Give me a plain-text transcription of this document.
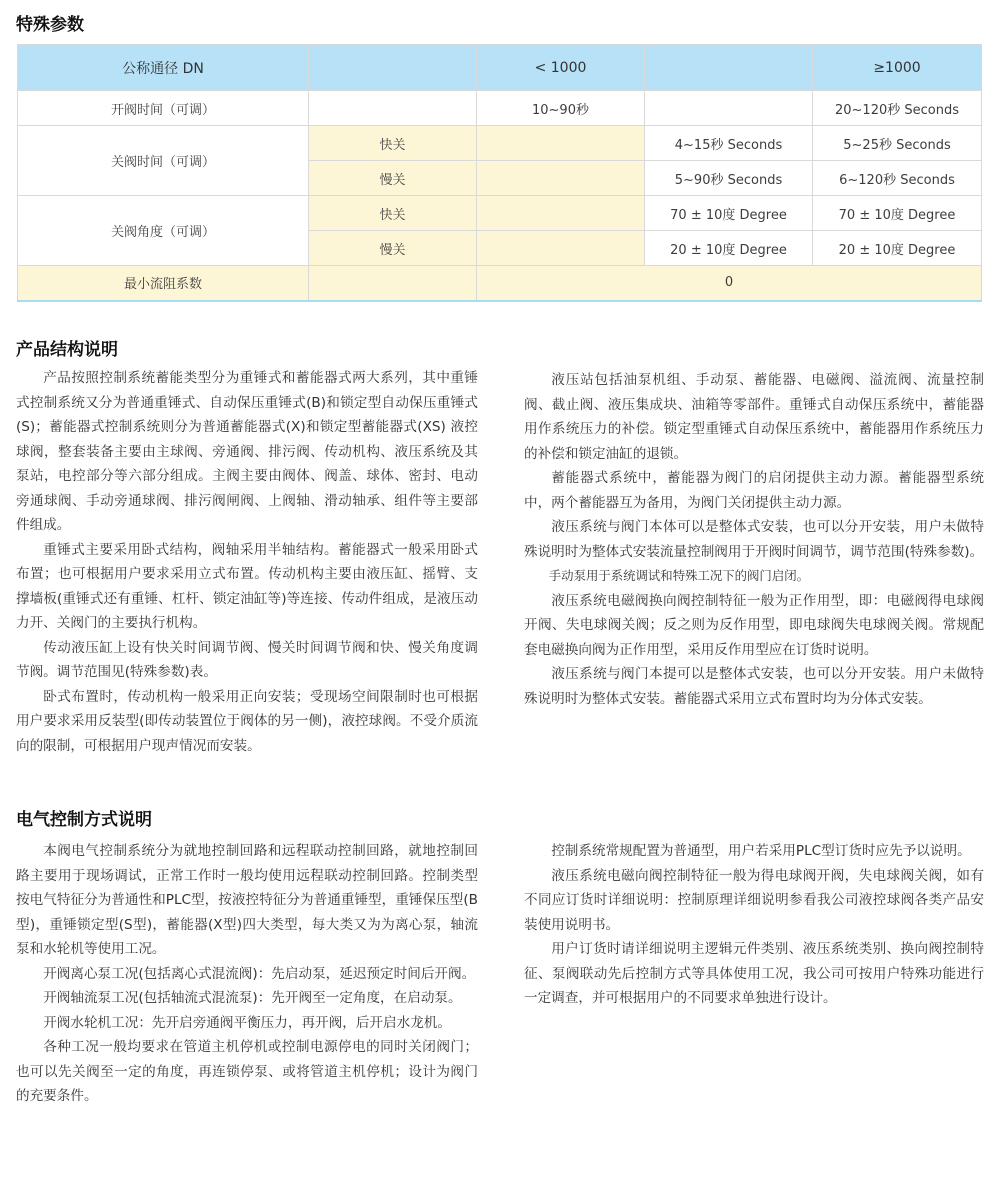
特殊参数
公称通径 DN		< 1000		≥1000
开阀时间（可调）		10~90秒		20~120秒 Seconds
关阀时间（可调）	快关		4~15秒 Seconds	5~25秒 Seconds
	慢关		5~90秒 Seconds	6~120秒 Seconds
关阀角度（可调）	快关		70 ± 10度 Degree	70 ± 10度 Degree
	慢关		20 ± 10度 Degree	20 ± 10度 Degree
最小流阻系数		0		
产品结构说明

产品按照控制系统蓄能类型分为重锤式和蓄能器式两大系列，其中重锤式控制系统又分为普通重锤式、自动保压重锤式(B)和锁定型自动保压重锤式(S)；蓄能器式控制系统则分为普通蓄能器式(X)和锁定型蓄能器式(XS) 液控球阀，整套装备主要由主球阀、旁通阀、排污阀、传动机构、液压系统及其泵站，电控部分等六部分组成。主阀主要由阀体、阀盖、球体、密封、电动旁通球阀、手动旁通球阀、排污阀闸阀、上阀轴、滑动轴承、组件等主要部件组成。

重锤式主要采用卧式结构，阀轴采用半轴结构。蓄能器式一般采用卧式布置；也可根据用户要求采用立式布置。传动机构主要由液压缸、摇臂、支撑墙板(重锤式还有重锤、杠杆、锁定油缸等)等连接、传动件组成，是液压动力开、关阀门的主要执行机构。

传动液压缸上设有快关时间调节阀、慢关时间调节阀和快、慢关角度调节阀。调节范围见(特殊参数)表。

卧式布置时，传动机构一般采用正向安装；受现场空间限制时也可根据用户要求采用反装型(即传动装置位于阀体的另一侧)，液控球阀。不受介质流向的限制，可根据用户现声情况而安装。

液压站包括油泵机组、手动泵、蓄能器、电磁阀、溢流阀、流量控制阀、截止阀、液压集成块、油箱等零部件。重锤式自动保压系统中，蓄能器用作系统压力的补偿。锁定型重锤式自动保压系统中，蓄能器用作系统压力的补偿和锁定油缸的退锁。

蓄能器式系统中，蓄能器为阀门的启闭提供主动力源。蓄能器型系统中，两个蓄能器互为备用，为阀门关闭提供主动力源。

液压系统与阀门本体可以是整体式安装，也可以分开安装，用户未做特殊说明时为整体式安装流量控制阀用于开阀时间调节，调节范围(特殊参数)。

手动泵用于系统调试和特殊工况下的阀门启闭。

液压系统电磁阀换向阀控制特征一般为正作用型，即：电磁阀得电球阀开阀、失电球阀关阀；反之则为反作用型，即电球阀失电球阀关阀。常规配套电磁换向阀为正作用型，采用反作用型应在订货时说明。

液压系统与阀门本提可以是整体式安装，也可以分开安装。用户未做特殊说明时为整体式安装。蓄能器式采用立式布置时均为分体式安装。

电气控制方式说明

本阀电气控制系统分为就地控制回路和远程联动控制回路，就地控制回路主要用于现场调试，正常工作时一般均使用远程联动控制回路。控制类型按电气特征分为普通性和PLC型，按液控特征分为普通重锤型，重锤保压型(B型)，重锤锁定型(S型)，蓄能器(X型)四大类型，每大类又为为离心泵，轴流泵和水轮机等使用工况。

开阀离心泵工况(包括离心式混流阀)：先启动泵，延迟预定时间后开阀。

开阀轴流泵工况(包括轴流式混流泵)：先开阀至一定角度，在启动泵。

开阀水轮机工况：先开启旁通阀平衡压力，再开阀，后开启水龙机。

各种工况一般均要求在管道主机停机或控制电源停电的同时关闭阀门；也可以先关阀至一定的角度，再连锁停泵、或将管道主机停机；设计为阀门的充要条件。

控制系统常规配置为普通型，用户若采用PLC型订货时应先予以说明。

液压系统电磁向阀控制特征一般为得电球阀开阀，失电球阀关阀，如有不同应订货时详细说明：控制原理详细说明参看我公司液控球阀各类产品安装使用说明书。

用户订货时请详细说明主逻辑元件类别、液压系统类别、换向阀控制特征、泵阀联动先后控制方式等具体使用工况，我公司可按用户特殊功能进行一定调查，并可根据用户的不同要求单独进行设计。
